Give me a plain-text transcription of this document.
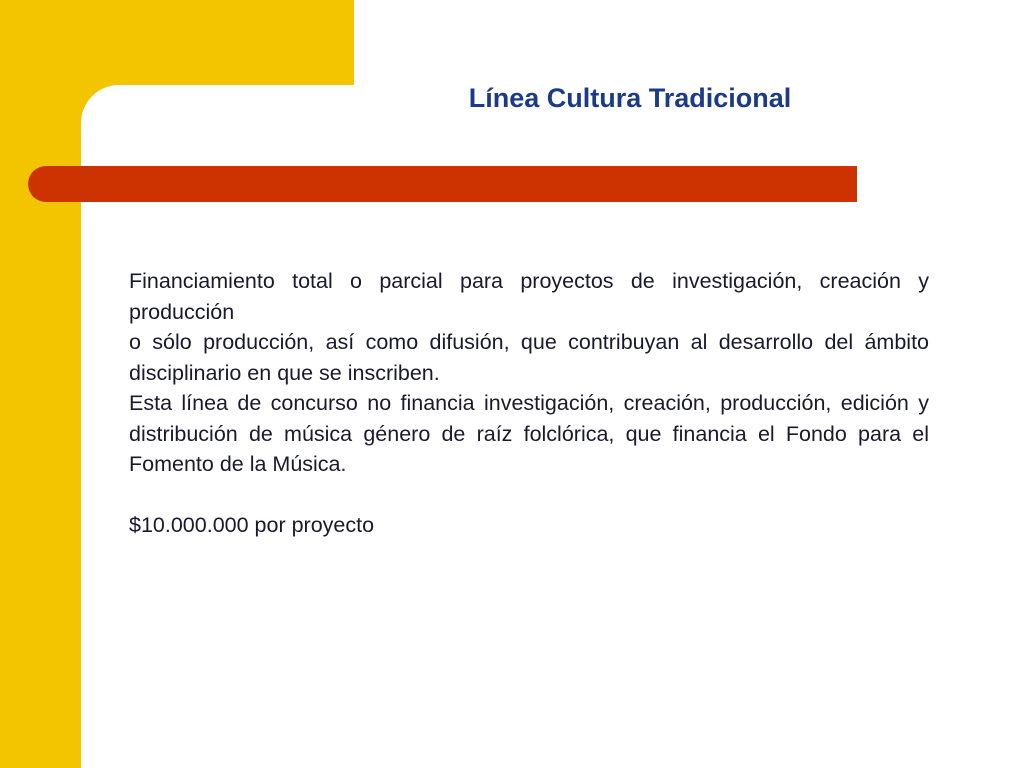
Línea Cultura Tradicional

Financiamiento total o parcial para proyectos de investigación, creación y producción

o sólo producción, así como difusión, que contribuyan al desarrollo del ámbito disciplinario en que se inscriben.

Esta línea de concurso no financia investigación, creación, producción, edición y distribución de música género de raíz folclórica, que financia el Fondo para el Fomento de la Música.

$10.000.000 por proyecto
